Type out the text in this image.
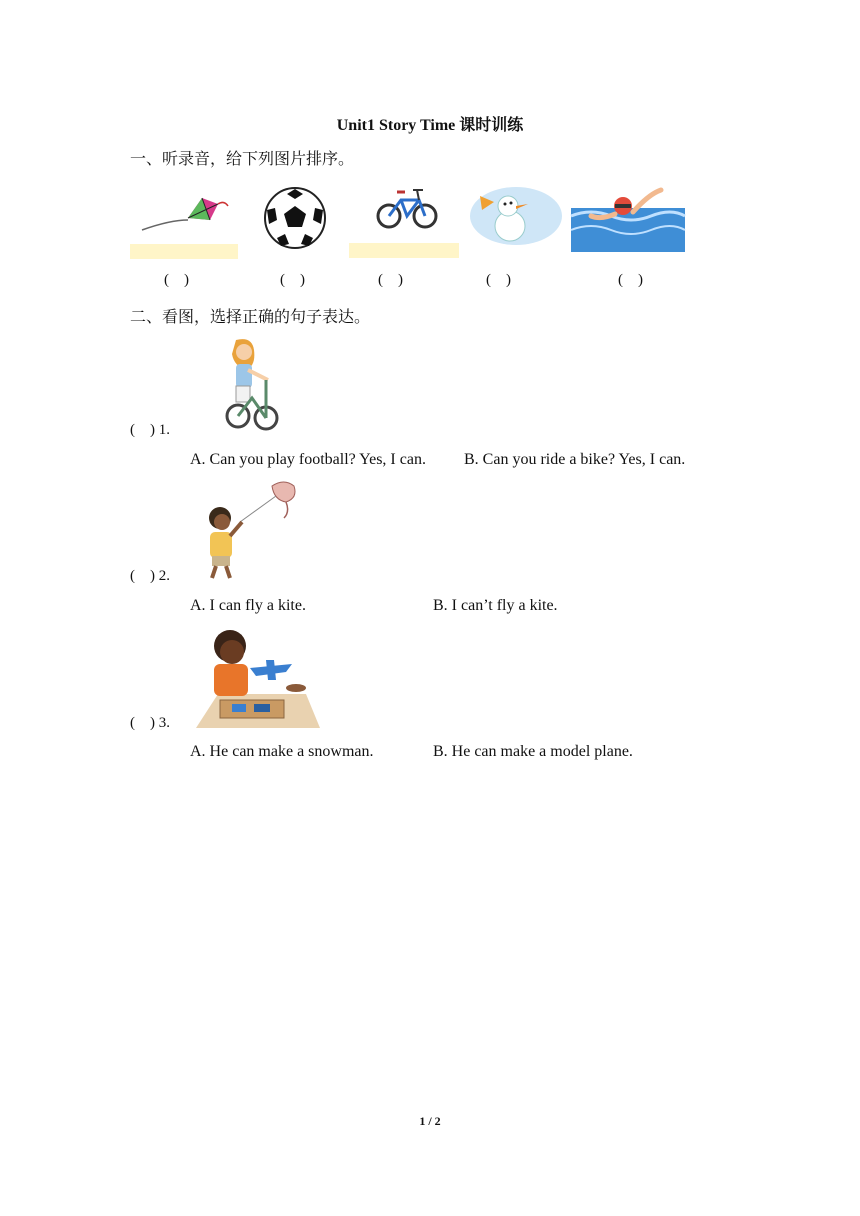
Unit1 Story Time 课时训练
一、听录音，给下列图片排序。
(    )	(    )	(    )	(    )	(    )
二、看图，选择正确的句子表达。
(    ) 1.
A. Can you play football? Yes, I can. B. Can you ride a bike? Yes, I can.
(    ) 2.
A. I can fly a kite.	B. I can’t fly a kite.
(    ) 3.
A. He can make a snowman.	B. He can make a model plane.
1 / 2
